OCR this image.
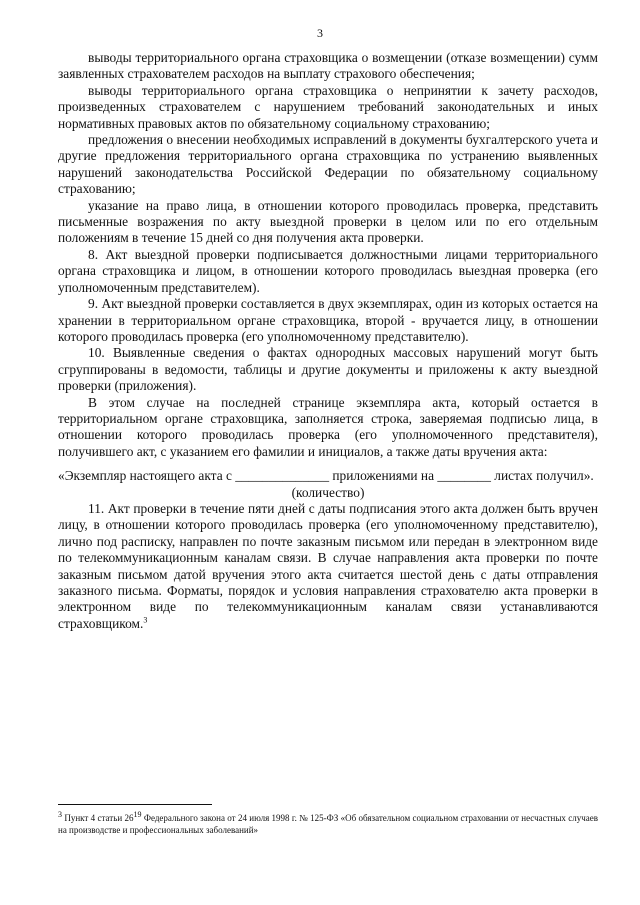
3

выводы территориального органа страховщика о возмещении (отказе возмещении) сумм заявленных страхователем расходов на выплату страхового обеспечения;

выводы территориального органа страховщика о непринятии к зачету расходов, произведенных страхователем с нарушением требований законодательных и иных нормативных правовых актов по обязательному социальному страхованию;

предложения о внесении необходимых исправлений в документы бухгалтерского учета и другие предложения территориального органа страховщика по устранению выявленных нарушений законодательства Российской Федерации по обязательному социальному страхованию;

указание на право лица, в отношении которого проводилась проверка, представить письменные возражения по акту выездной проверки в целом или по его отдельным положениям в течение 15 дней со дня получения акта проверки.

8. Акт выездной проверки подписывается должностными лицами территориального органа страховщика и лицом, в отношении которого проводилась выездная проверка (его уполномоченным представителем).

9. Акт выездной проверки составляется в двух экземплярах, один из которых остается на хранении в территориальном органе страховщика, второй - вручается лицу, в отношении которого проводилась проверка (его уполномоченному представителю).

10. Выявленные сведения о фактах однородных массовых нарушений могут быть сгруппированы в ведомости, таблицы и другие документы и приложены к акту выездной проверки (приложения).

В этом случае на последней странице экземпляра акта, который остается в территориальном органе страховщика, заполняется строка, заверяемая подписью лица, в отношении которого проводилась проверка (его уполномоченного представителя), получившего акт, с указанием его фамилии и инициалов, а также даты вручения акта:

«Экземпляр настоящего акта с ______________ приложениями на ________ листах получил».

(количество)

11. Акт проверки в течение пяти дней с даты подписания этого акта должен быть вручен лицу, в отношении которого проводилась проверка (его уполномоченному представителю), лично под расписку, направлен по почте заказным письмом или передан в электронном виде по телекоммуникационным каналам связи. В случае направления акта проверки по почте заказным письмом датой вручения этого акта считается шестой день с даты отправления заказного письма. Форматы, порядок и условия направления страхователю акта проверки в электронном виде по телекоммуникационным каналам связи устанавливаются страховщиком.$^3$

$^3$ Пункт 4 статьи $26^{19}$ Федерального закона от 24 июля 1998 г. № 125-ФЗ «Об обязательном социальном страховании от несчастных случаев на производстве и профессиональных заболеваний»
